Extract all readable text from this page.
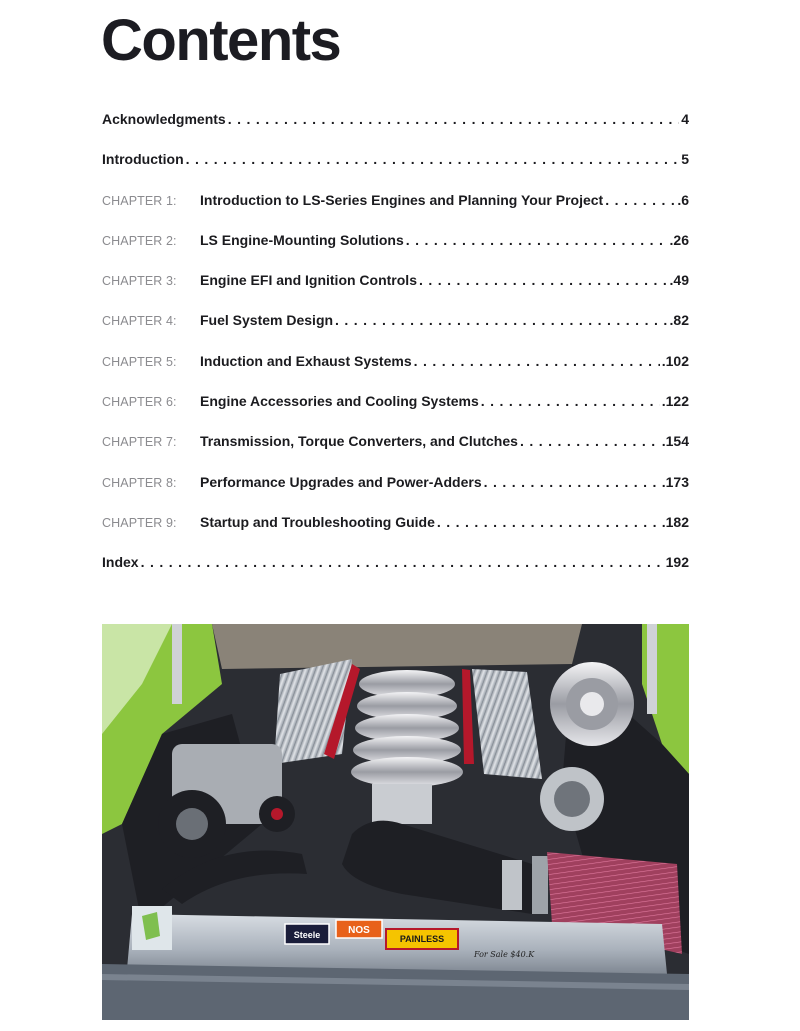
Contents
Acknowledgments . . .	4
Introduction . . .	5
CHAPTER 1:	Introduction to LS-Series Engines and Planning Your Project . . .	.6
CHAPTER 2:	LS Engine-Mounting Solutions . . .	.26
CHAPTER 3:	Engine EFI and Ignition Controls . . .	.49
CHAPTER 4:	Fuel System Design . . .	.82
CHAPTER 5:	Induction and Exhaust Systems . . .	.102
CHAPTER 6:	Engine Accessories and Cooling Systems . . .	.122
CHAPTER 7:	Transmission, Torque Converters, and Clutches . . .	.154
CHAPTER 8:	Performance Upgrades and Power-Adders . . .	.173
CHAPTER 9:	Startup and Troubleshooting Guide . . .	.182
Index . . .	192
Steele	NOS
PAINLESS
For Sale $40.K
